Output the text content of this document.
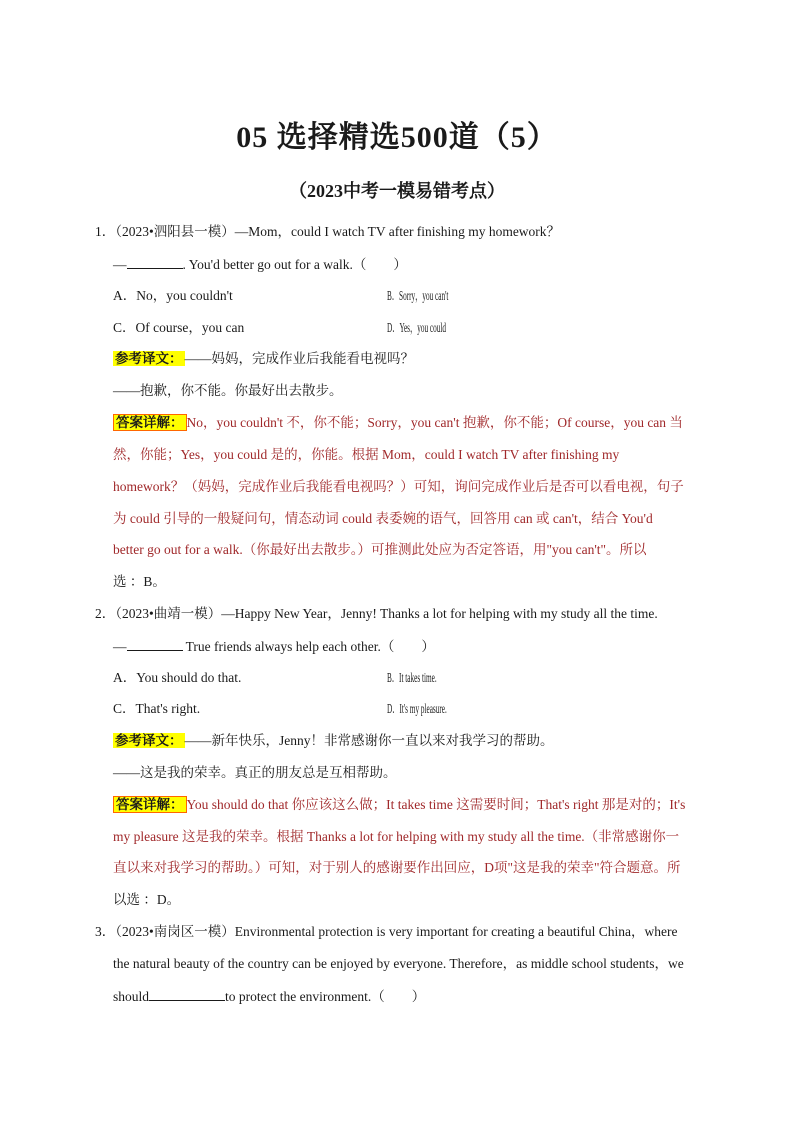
05 选择精选500道（5）
（2023中考一模易错考点）
1．（2023•泗阳县一模）—Mom，could I watch TV after finishing my homework？
—	. You'd better go out for a walk.（　　）
A．No，you couldn't	B．Sorry，you can't
C．Of course，you can	D．Yes，you could
参考译文： ——妈妈，完成作业后我能看电视吗？
——抱歉，你不能。你最好出去散步。
答案详解： No，you couldn't 不，你不能；Sorry，you can't 抱歉，你不能；Of course，you can 当
然，你能；Yes，you could 是的，你能。根据 Mom，could I watch TV after finishing my
homework？（妈妈，完成作业后我能看电视吗？）可知，询问完成作业后是否可以看电视，句子
为 could 引导的一般疑问句，情态动词 could 表委婉的语气，回答用 can 或 can't，结合 You'd
better go out for a walk.（你最好出去散步。）可推测此处应为否定答语，用"you can't"。所以
选 ：B。
2．（2023•曲靖一模）—Happy New Year，Jenny! Thanks a lot for helping with my study all the time.
—	True friends always help each other.（　　）
A．You should do that.	B．It takes time.
C．That's right.	D．It's my pleasure.
参考译文： ——新年快乐，Jenny！非常感谢你一直以来对我学习的帮助。
——这是我的荣幸。真正的朋友总是互相帮助。
答案详解： You should do that 你应该这么做；It takes time 这需要时间；That's right 那是对的；It's
my pleasure 这是我的荣幸。根据 Thanks a lot for helping with my study all the time.（非常感谢你一
直以来对我学习的帮助。）可知，对于别人的感谢要作出回应，D项"这是我的荣幸"符合题意。所
以选 ：D。
3．（2023•南岗区一模）Environmental protection is very important for creating a beautiful China，where
the natural beauty of the country can be enjoyed by everyone. Therefore，as middle school students，we
should	to protect the environment.（　　）
